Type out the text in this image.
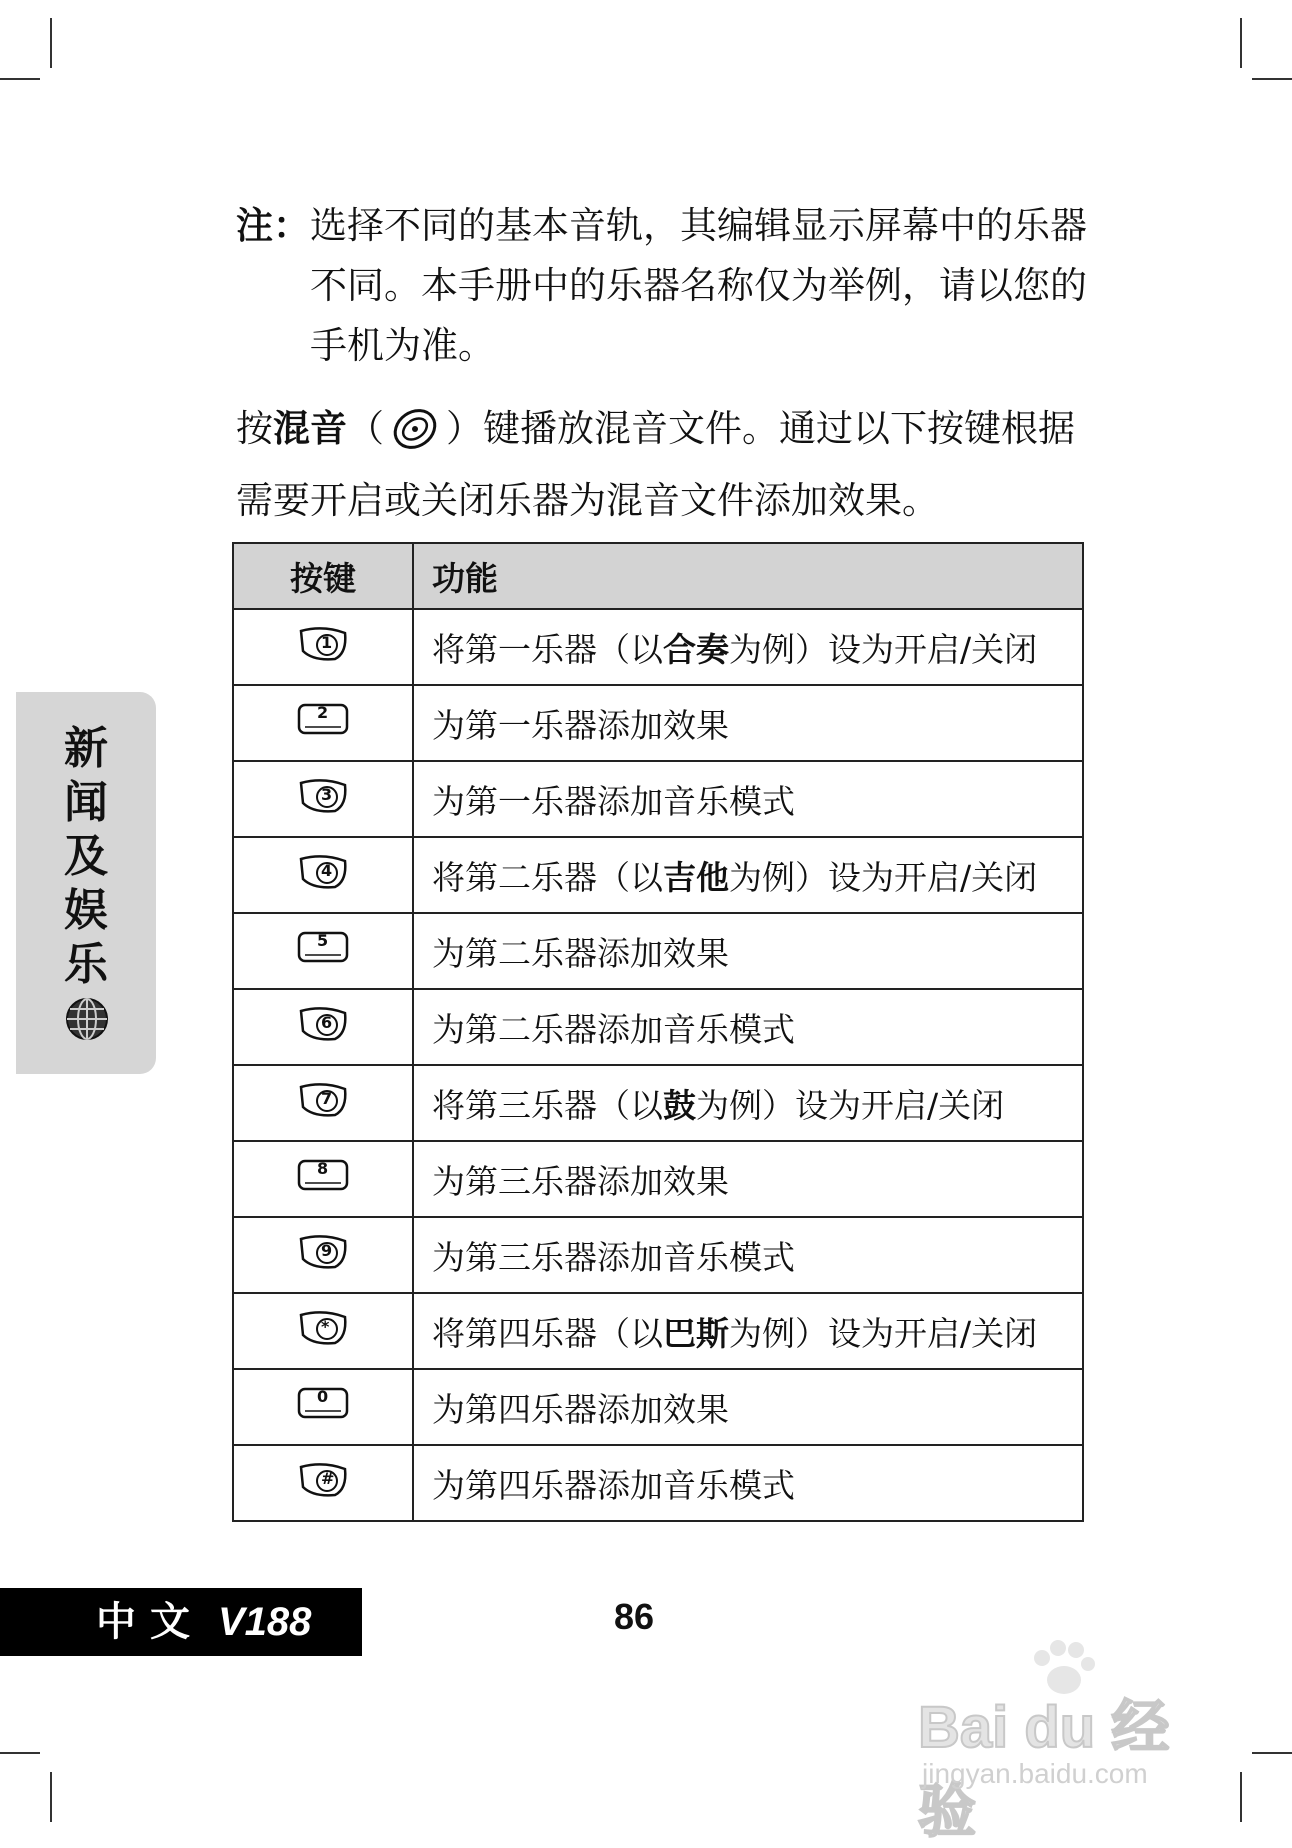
注： 选择不同的基本音轨，其编辑显示屏幕中的乐器不同。本手册中的乐器名称仅为举例，请以您的手机为准。
按混音（ ）键播放混音文件。通过以下按键根据需要开启或关闭乐器为混音文件添加效果。
按键	功能

1	将第一乐器（以合奏为例）设为开启/关闭

2	为第一乐器添加效果

3	为第一乐器添加音乐模式

4	将第二乐器（以吉他为例）设为开启/关闭

5	为第二乐器添加效果

6	为第二乐器添加音乐模式

7	将第三乐器（以鼓为例）设为开启/关闭

8	为第三乐器添加效果

9	为第三乐器添加音乐模式

*	将第四乐器（以巴斯为例）设为开启/关闭

0	为第四乐器添加效果

#	为第四乐器添加音乐模式
新
闻
及
娱
乐
中文 V188	86
Bai du 经验
jingyan.baidu.com
